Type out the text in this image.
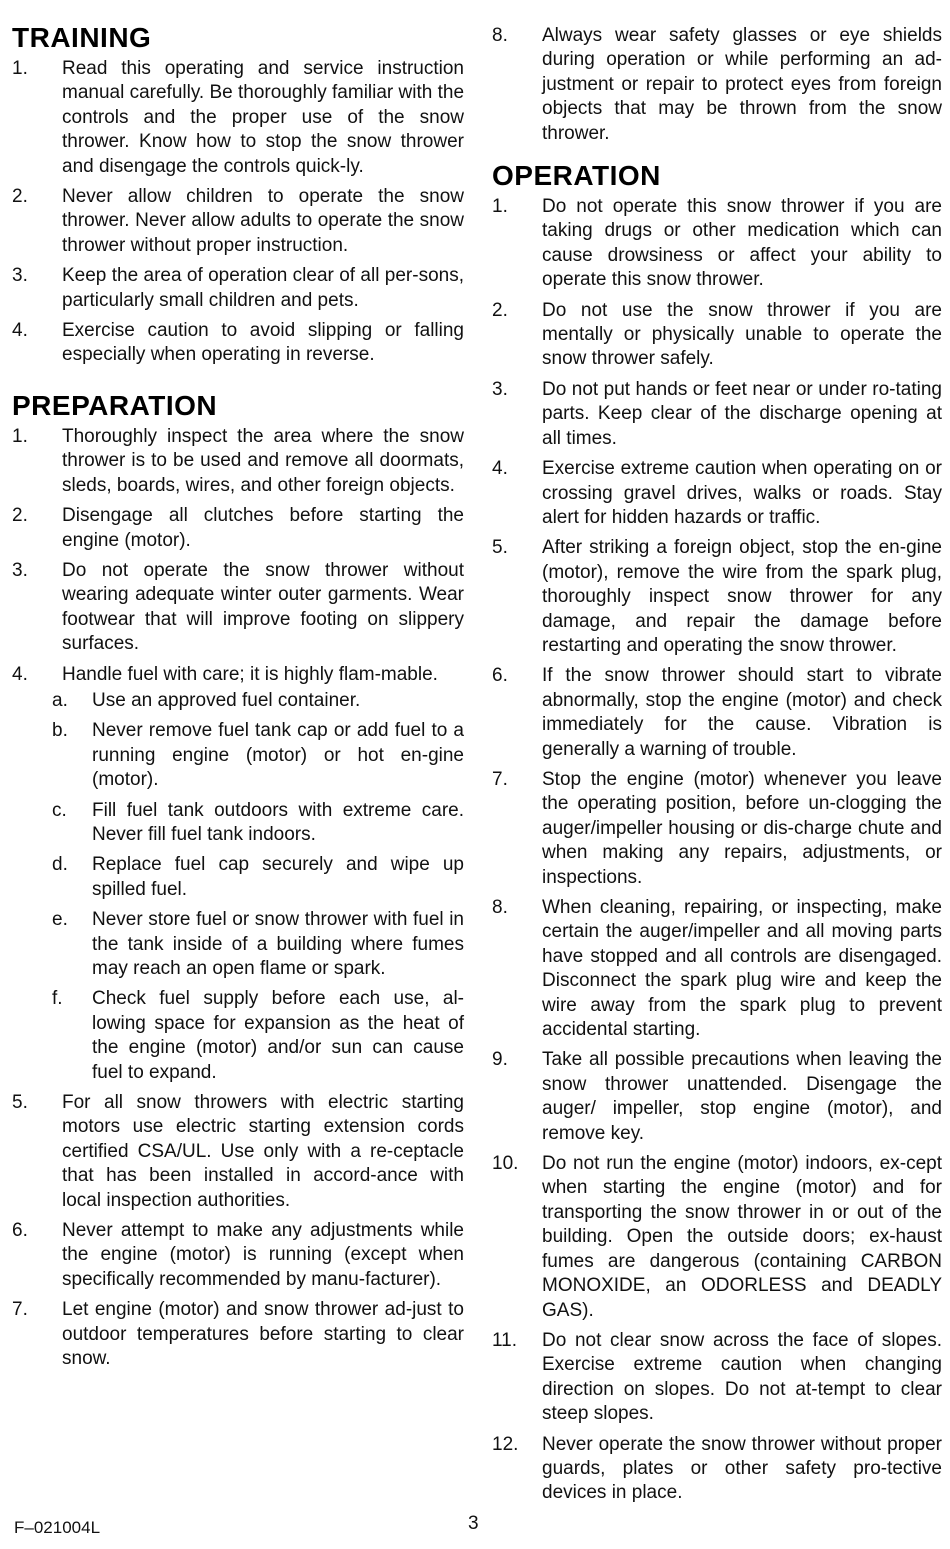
TRAINING
1.	Read this operating and service instruction manual carefully. Be thoroughly familiar with the controls and the proper use of the snow thrower. Know how to stop the snow thrower and disengage the controls quick-ly.
2.	Never allow children to operate the snow thrower. Never allow adults to operate the snow thrower without proper instruction.
3.	Keep the area of operation clear of all per-sons, particularly small children and pets.
4.	Exercise caution to avoid slipping or falling especially when operating in reverse.
PREPARATION
1.	Thoroughly inspect the area where the snow thrower is to be used and remove all doormats, sleds, boards, wires, and other foreign objects.
2.	Disengage all clutches before starting the engine (motor).
3.	Do not operate the snow thrower without wearing adequate winter outer garments. Wear footwear that will improve footing on slippery surfaces.
4.	Handle fuel with care; it is highly flam-mable.
a. Use an approved fuel container.
b. Never remove fuel tank cap or add fuel to a running engine (motor) or hot en-gine (motor).
c. Fill fuel tank outdoors with extreme care. Never fill fuel tank indoors.
d. Replace fuel cap securely and wipe up spilled fuel.
e. Never store fuel or snow thrower with fuel in the tank inside of a building where fumes may reach an open flame or spark.
f. Check fuel supply before each use, al-lowing space for expansion as the heat of the engine (motor) and/or sun can cause fuel to expand.
5.	For all snow throwers with electric starting motors use electric starting extension cords certified CSA/UL. Use only with a re-ceptacle that has been installed in accord-ance with local inspection authorities.
6.	Never attempt to make any adjustments while the engine (motor) is running (except when specifically recommended by manu-facturer).
7.	Let engine (motor) and snow thrower ad-just to outdoor temperatures before starting to clear snow.
8.	Always wear safety glasses or eye shields during operation or while performing an ad-justment or repair to protect eyes from foreign objects that may be thrown from the snow thrower.
OPERATION
1.	Do not operate this snow thrower if you are taking drugs or other medication which can cause drowsiness or affect your ability to operate this snow thrower.
2.	Do not use the snow thrower if you are mentally or physically unable to operate the snow thrower safely.
3.	Do not put hands or feet near or under ro-tating parts. Keep clear of the discharge opening at all times.
4.	Exercise extreme caution when operating on or crossing gravel drives, walks or roads. Stay alert for hidden hazards or traffic.
5.	After striking a foreign object, stop the en-gine (motor), remove the wire from the spark plug, thoroughly inspect snow thrower for any damage, and repair the damage before restarting and operating the snow thrower.
6.	If the snow thrower should start to vibrate abnormally, stop the engine (motor) and check immediately for the cause. Vibration is generally a warning of trouble.
7.	Stop the engine (motor) whenever you leave the operating position, before un-clogging the auger/impeller housing or dis-charge chute and when making any repairs, adjustments, or inspections.
8.	When cleaning, repairing, or inspecting, make certain the auger/impeller and all moving parts have stopped and all controls are disengaged. Disconnect the spark plug wire and keep the wire away from the spark plug to prevent accidental starting.
9.	Take all possible precautions when leaving the snow thrower unattended. Disengage the auger/ impeller, stop engine (motor), and remove key.
10. Do not run the engine (motor) indoors, ex-cept when starting the engine (motor) and for transporting the snow thrower in or out of the building. Open the outside doors; ex-haust fumes are dangerous (containing CARBON MONOXIDE, an ODORLESS and DEADLY GAS).
11. Do not clear snow across the face of slopes. Exercise extreme caution when changing direction on slopes. Do not at-tempt to clear steep slopes.
12. Never operate the snow thrower without proper guards, plates or other safety pro-tective devices in place.
F–021004L	3
